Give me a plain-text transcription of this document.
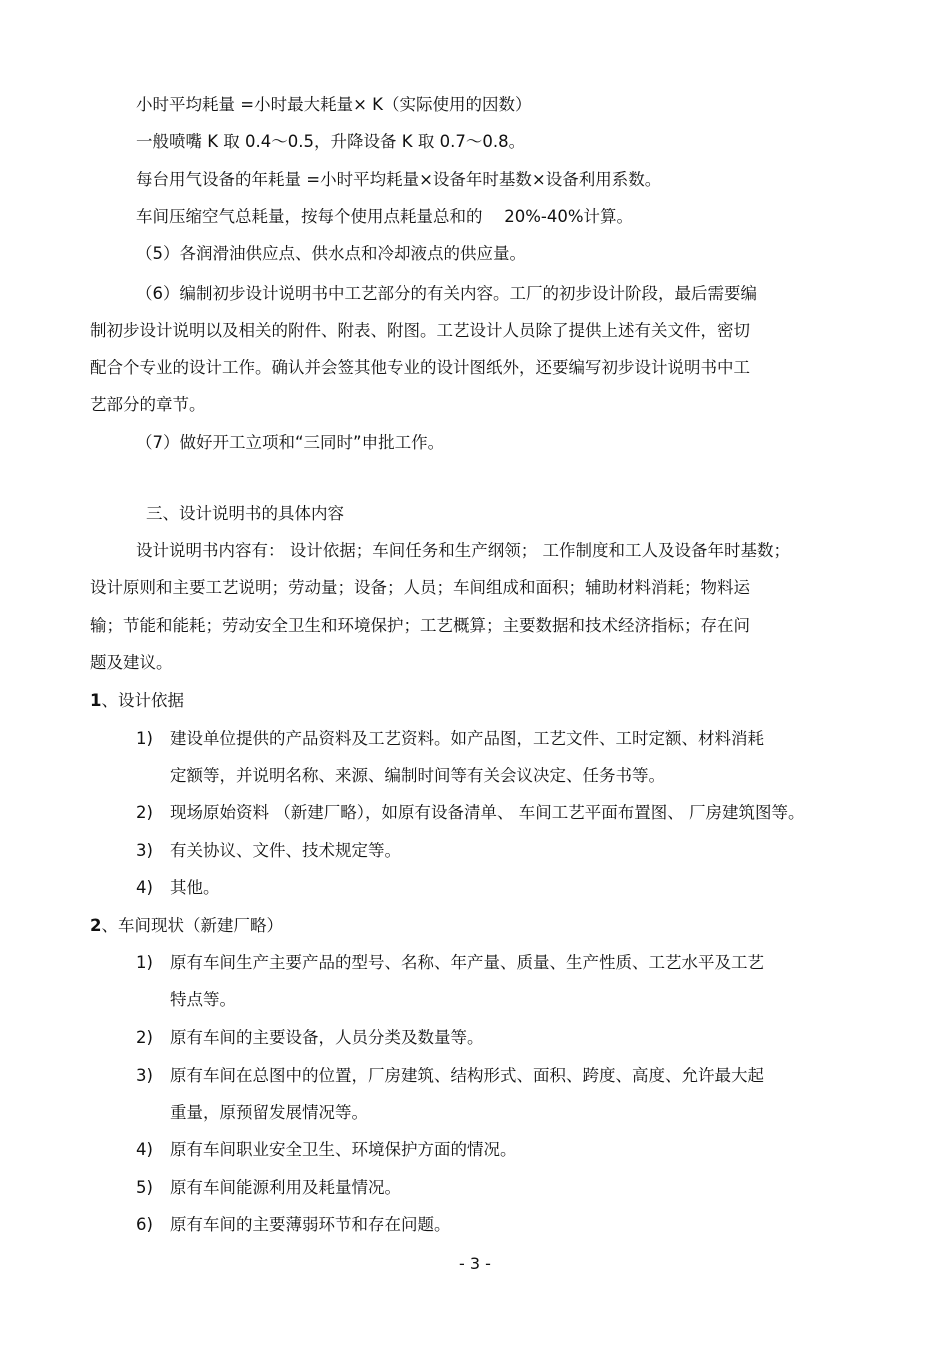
小时平均耗量 =小时最大耗量× K（实际使用的因数）
一般喷嘴 K 取 0.4～0.5，升降设备 K 取 0.7～0.8。
每台用气设备的年耗量 =小时平均耗量×设备年时基数×设备利用系数。
车间压缩空气总耗量，按每个使用点耗量总和的　 20%-40%计算。
（5）各润滑油供应点、供水点和冷却液点的供应量。
（6）编制初步设计说明书中工艺部分的有关内容。工厂的初步设计阶段，最后需要编
制初步设计说明以及相关的附件、附表、附图。工艺设计人员除了提供上述有关文件，密切
配合个专业的设计工作。确认并会签其他专业的设计图纸外，还要编写初步设计说明书中工
艺部分的章节。
（7）做好开工立项和“三同时”申批工作。
三、设计说明书的具体内容
设计说明书内容有： 设计依据；车间任务和生产纲领； 工作制度和工人及设备年时基数；
设计原则和主要工艺说明；劳动量；设备；人员；车间组成和面积；辅助材料消耗；物料运
输；节能和能耗；劳动安全卫生和环境保护；工艺概算；主要数据和技术经济指标；存在问
题及建议。
1、设计依据
1) 建设单位提供的产品资料及工艺资料。如产品图，工艺文件、工时定额、材料消耗
定额等，并说明名称、来源、编制时间等有关会议决定、任务书等。
2) 现场原始资料 （新建厂略），如原有设备清单、 车间工艺平面布置图、 厂房建筑图等。
3) 有关协议、文件、技术规定等。
4) 其他。
2、车间现状（新建厂略）
1) 原有车间生产主要产品的型号、名称、年产量、质量、生产性质、工艺水平及工艺
特点等。
2) 原有车间的主要设备，人员分类及数量等。
3) 原有车间在总图中的位置，厂房建筑、结构形式、面积、跨度、高度、允许最大起
重量，原预留发展情况等。
4) 原有车间职业安全卫生、环境保护方面的情况。
5) 原有车间能源利用及耗量情况。
6) 原有车间的主要薄弱环节和存在问题。
- 3 -
